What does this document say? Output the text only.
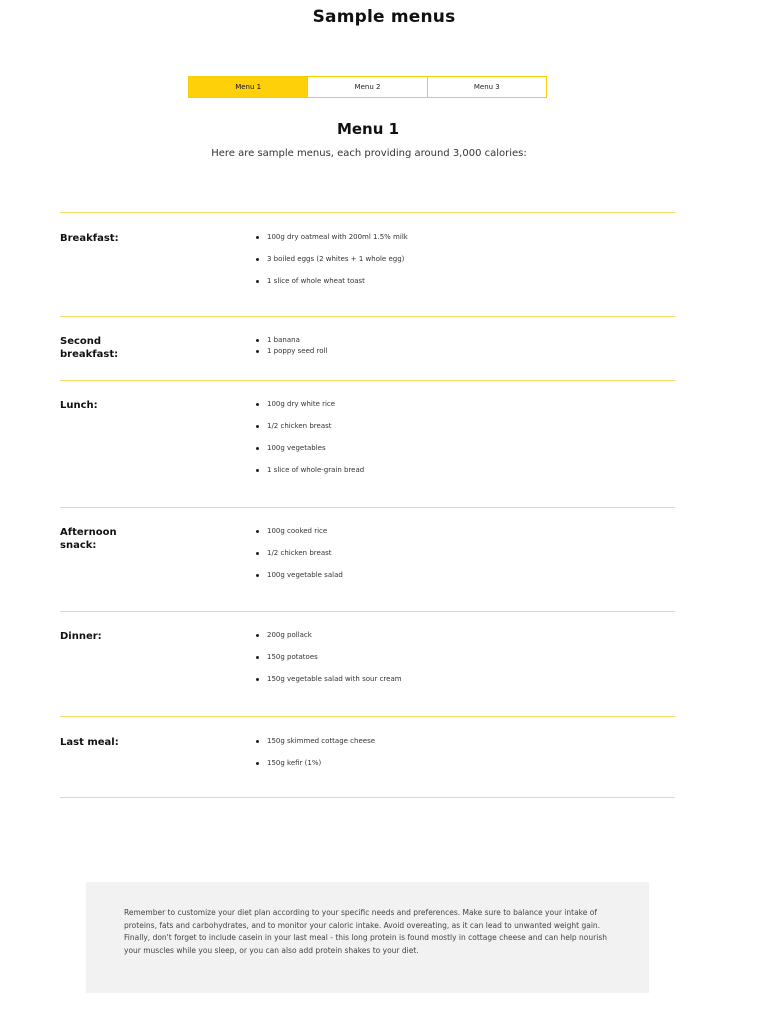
Sample menus
Menu 1	Menu 2	Menu 3
Menu 1
Here are sample menus, each providing around 3,000 calories:
Breakfast:	100g dry oatmeal with 200ml 1.5% milk
3 boiled eggs (2 whites + 1 whole egg)
1 slice of whole wheat toast
Second breakfast:
1 banana
1 poppy seed roll
Lunch:	100g dry white rice
1/2 chicken breast
100g vegetables
1 slice of whole-grain bread
Afternoon snack:
100g cooked rice
1/2 chicken breast
100g vegetable salad
Dinner:	200g pollack
150g potatoes
150g vegetable salad with sour cream
Last meal:	150g skimmed cottage cheese
150g kefir (1%)
Remember to customize your diet plan according to your specific needs and preferences. Make sure to balance your intake of proteins, fats and carbohydrates, and to monitor your caloric intake. Avoid overeating, as it can lead to unwanted weight gain. Finally, don't forget to include casein in your last meal - this long protein is found mostly in cottage cheese and can help nourish your muscles while you sleep, or you can also add protein shakes to your diet.
